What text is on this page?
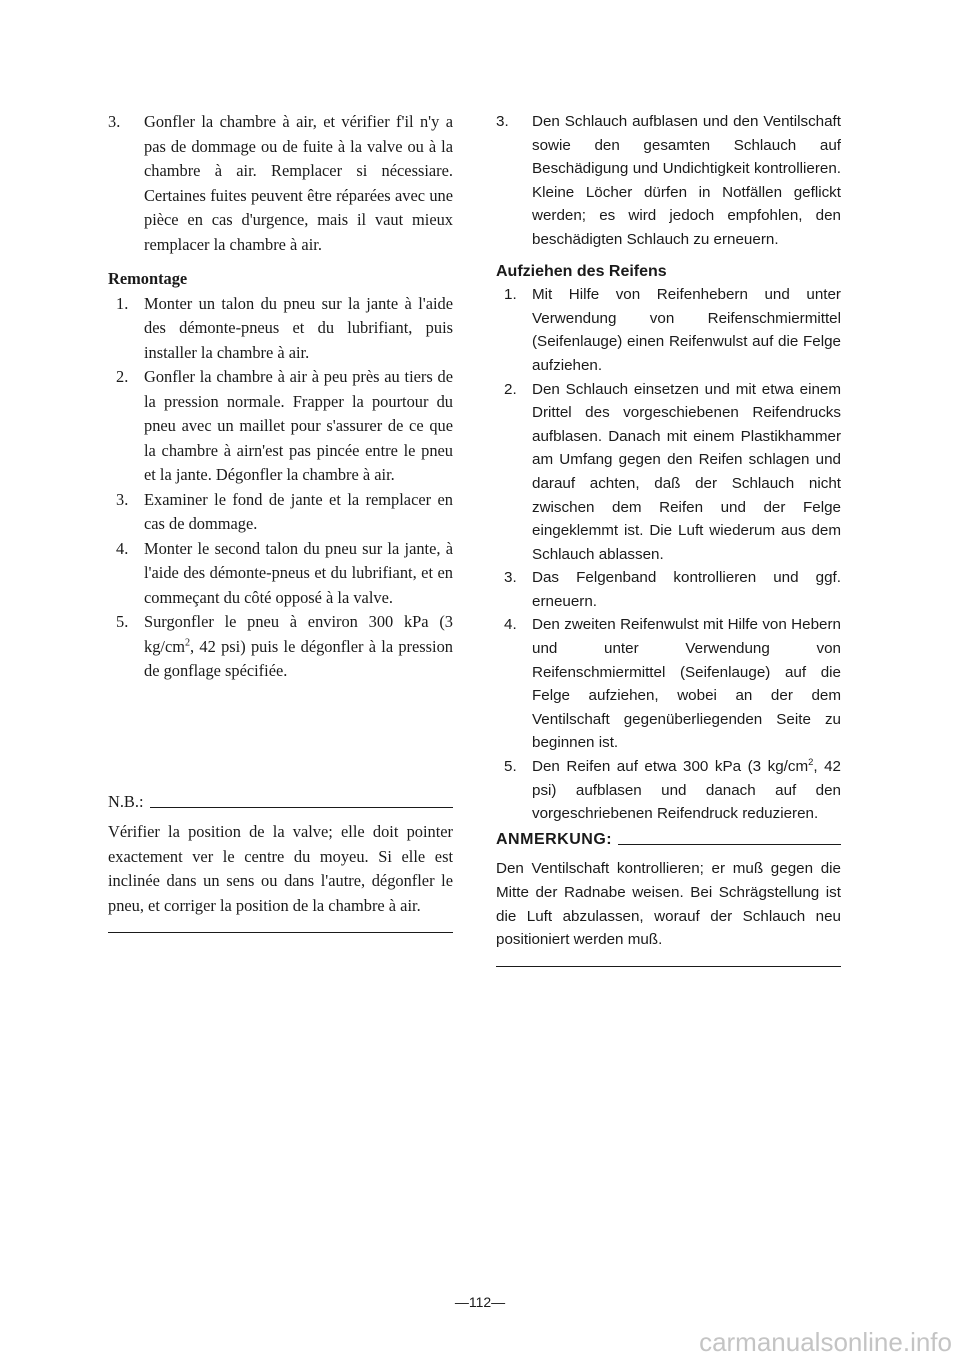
3.	Gonfler la chambre à air, et vérifier f'il n'y a pas de dommage ou de fuite à la valve ou à la chambre à air. Remplacer si nécessiare. Certaines fuites peuvent être réparées avec une pièce en cas d'urgence, mais il vaut mieux remplacer la chambre à air.
Remontage
1. Monter un talon du pneu sur la jante à l'aide des démonte-pneus et du lubrifiant, puis installer la chambre à air.
2. Gonfler la chambre à air à peu près au tiers de la pression normale. Frapper la pourtour du pneu avec un maillet pour s'assurer de ce que la chambre à airn'est pas pincée entre le pneu et la jante. Dégonfler la chambre à air.
3. Examiner le fond de jante et la remplacer en cas de dommage.
4. Monter le second talon du pneu sur la jante, à l'aide des démonte-pneus et du lubrifiant, et en commeçant du côté opposé à la valve.
5. Surgonfler le pneu à environ 300 kPa (3 $kg/cm^2$, 42 psi) puis le dégonfler à la pression de gonflage spécifiée.
N.B.:
Vérifier la position de la valve; elle doit pointer exactement ver le centre du moyeu. Si elle est inclinée dans un sens ou dans l'autre, dégonfler le pneu, et corriger la position de la chambre à air.
3.	Den Schlauch aufblasen und den Ventilschaft sowie den gesamten Schlauch auf Beschädigung und Undichtigkeit kontrollieren. Kleine Löcher dürfen in Notfällen geflickt werden; es wird jedoch empfohlen, den beschädigten Schlauch zu erneuern.
Aufziehen des Reifens
1.	Mit Hilfe von Reifenhebern und unter Verwendung von Reifenschmiermittel (Seifenlauge) einen Reifenwulst auf die Felge aufziehen.
2.	Den Schlauch einsetzen und mit etwa einem Drittel des vorgeschiebenen Reifendrucks aufblasen. Danach mit einem Plastikhammer am Umfang gegen den Reifen schlagen und darauf achten, daß der Schlauch nicht zwischen dem Reifen und der Felge eingeklemmt ist. Die Luft wiederum aus dem Schlauch ablassen.
3.	Das Felgenband kontrollieren und ggf. erneuern.
4.	Den zweiten Reifenwulst mit Hilfe von Hebern und unter Verwendung von Reifenschmiermittel (Seifenlauge) auf die Felge aufziehen, wobei an der dem Ventilschaft gegenüberliegenden Seite zu beginnen ist.
5.	Den Reifen auf etwa 300 kPa (3 $kg/cm^2$, 42 psi) aufblasen und danach auf den vorgeschriebenen Reifendruck reduzieren.
ANMERKUNG:
Den Ventilschaft kontrollieren; er muß gegen die Mitte der Radnabe weisen. Bei Schrägstellung ist die Luft abzulassen, worauf der Schlauch neu positioniert werden muß.
—112—
carmanualsonline.info
